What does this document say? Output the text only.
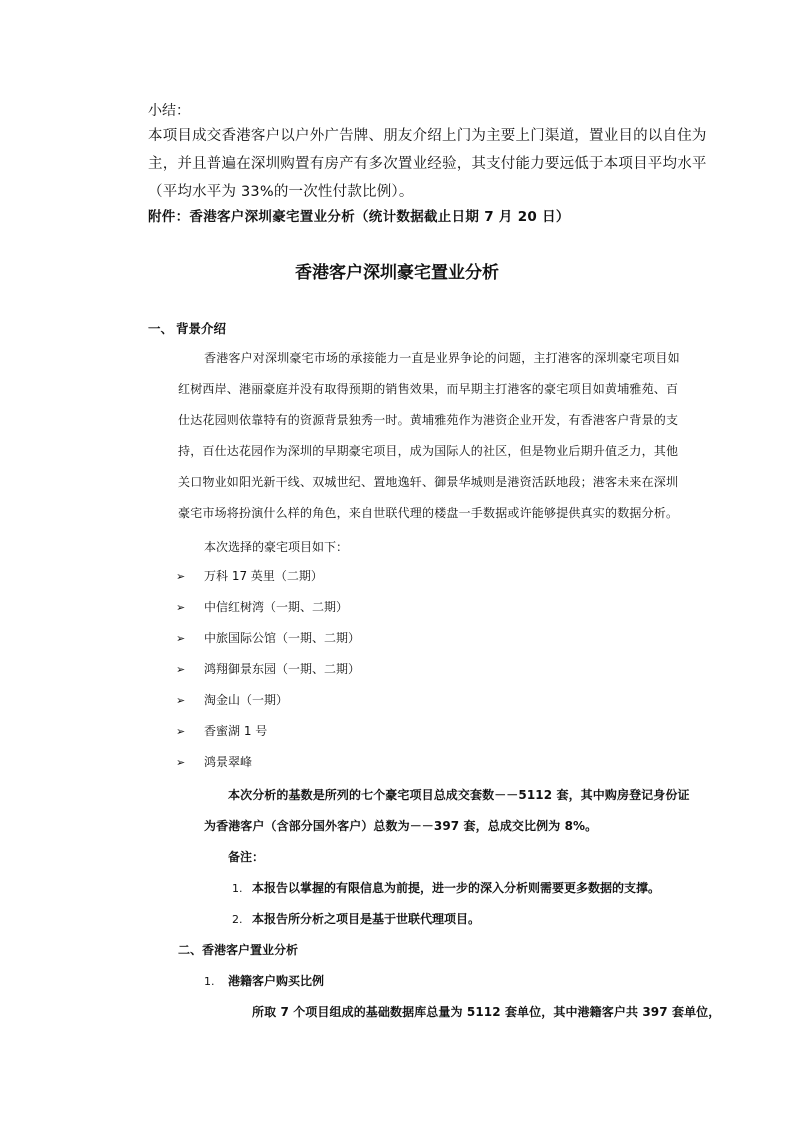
小结：
本项目成交香港客户以户外广告牌、朋友介绍上门为主要上门渠道，置业目的以自住为
主，并且普遍在深圳购置有房产有多次置业经验，其支付能力要远低于本项目平均水平
（平均水平为 33%的一次性付款比例）。
附件：香港客户深圳豪宅置业分析（统计数据截止日期 7 月 20 日）
香港客户深圳豪宅置业分析
一、 背景介绍
香港客户对深圳豪宅市场的承接能力一直是业界争论的问题，主打港客的深圳豪宅项目如
红树西岸、港丽豪庭并没有取得预期的销售效果，而早期主打港客的豪宅项目如黄埔雅苑、百
仕达花园则依靠特有的资源背景独秀一时。黄埔雅苑作为港资企业开发，有香港客户背景的支
持，百仕达花园作为深圳的早期豪宅项目，成为国际人的社区，但是物业后期升值乏力，其他
关口物业如阳光新干线、双城世纪、置地逸轩、御景华城则是港资活跃地段；港客未来在深圳
豪宅市场将扮演什么样的角色，来自世联代理的楼盘一手数据或许能够提供真实的数据分析。
本次选择的豪宅项目如下：
➢ 万科 17 英里（二期）
➢ 中信红树湾（一期、二期）
➢ 中旅国际公馆（一期、二期）
➢ 鸿翔御景东园（一期、二期）
➢ 淘金山（一期）
➢ 香蜜湖 1 号
➢ 鸿景翠峰
本次分析的基数是所列的七个豪宅项目总成交套数－－5112 套，其中购房登记身份证
为香港客户（含部分国外客户）总数为－－397 套，总成交比例为 8%。
备注：
1. 本报告以掌握的有限信息为前提，进一步的深入分析则需要更多数据的支撑。
2. 本报告所分析之项目是基于世联代理项目。
二、香港客户置业分析
1. 港籍客户购买比例
所取 7 个项目组成的基础数据库总量为 5112 套单位，其中港籍客户共 397 套单位，
